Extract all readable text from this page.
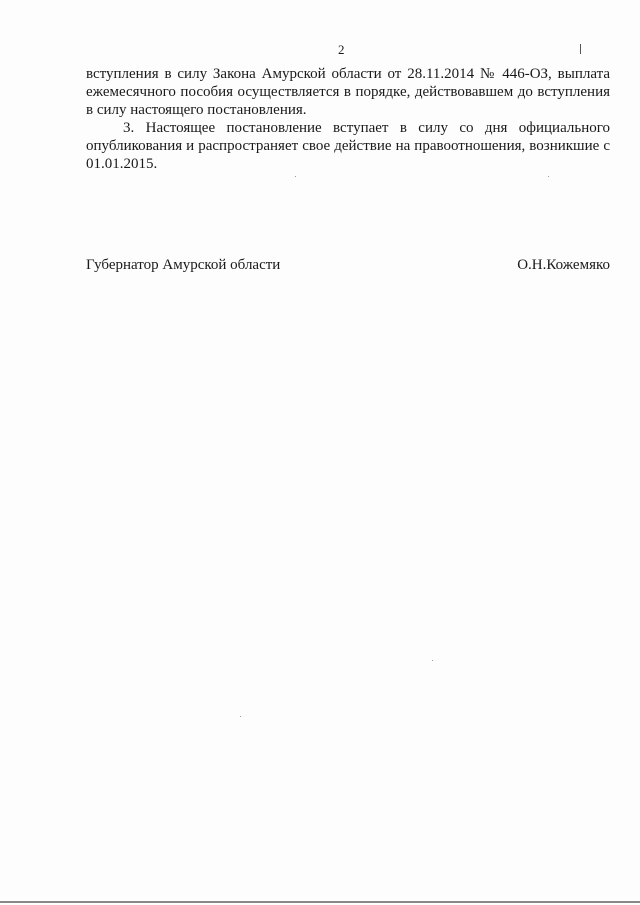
2

вступления в силу Закона Амурской области от 28.11.2014 № 446-ОЗ, выплата ежемесячного пособия осуществляется в порядке, действовавшем до вступления в силу настоящего постановления.

3. Настоящее постановление вступает в силу со дня официального опубликования и распространяет свое действие на правоотношения, возникшие с 01.01.2015.

Губернатор Амурской области	О.Н.Кожемяко
